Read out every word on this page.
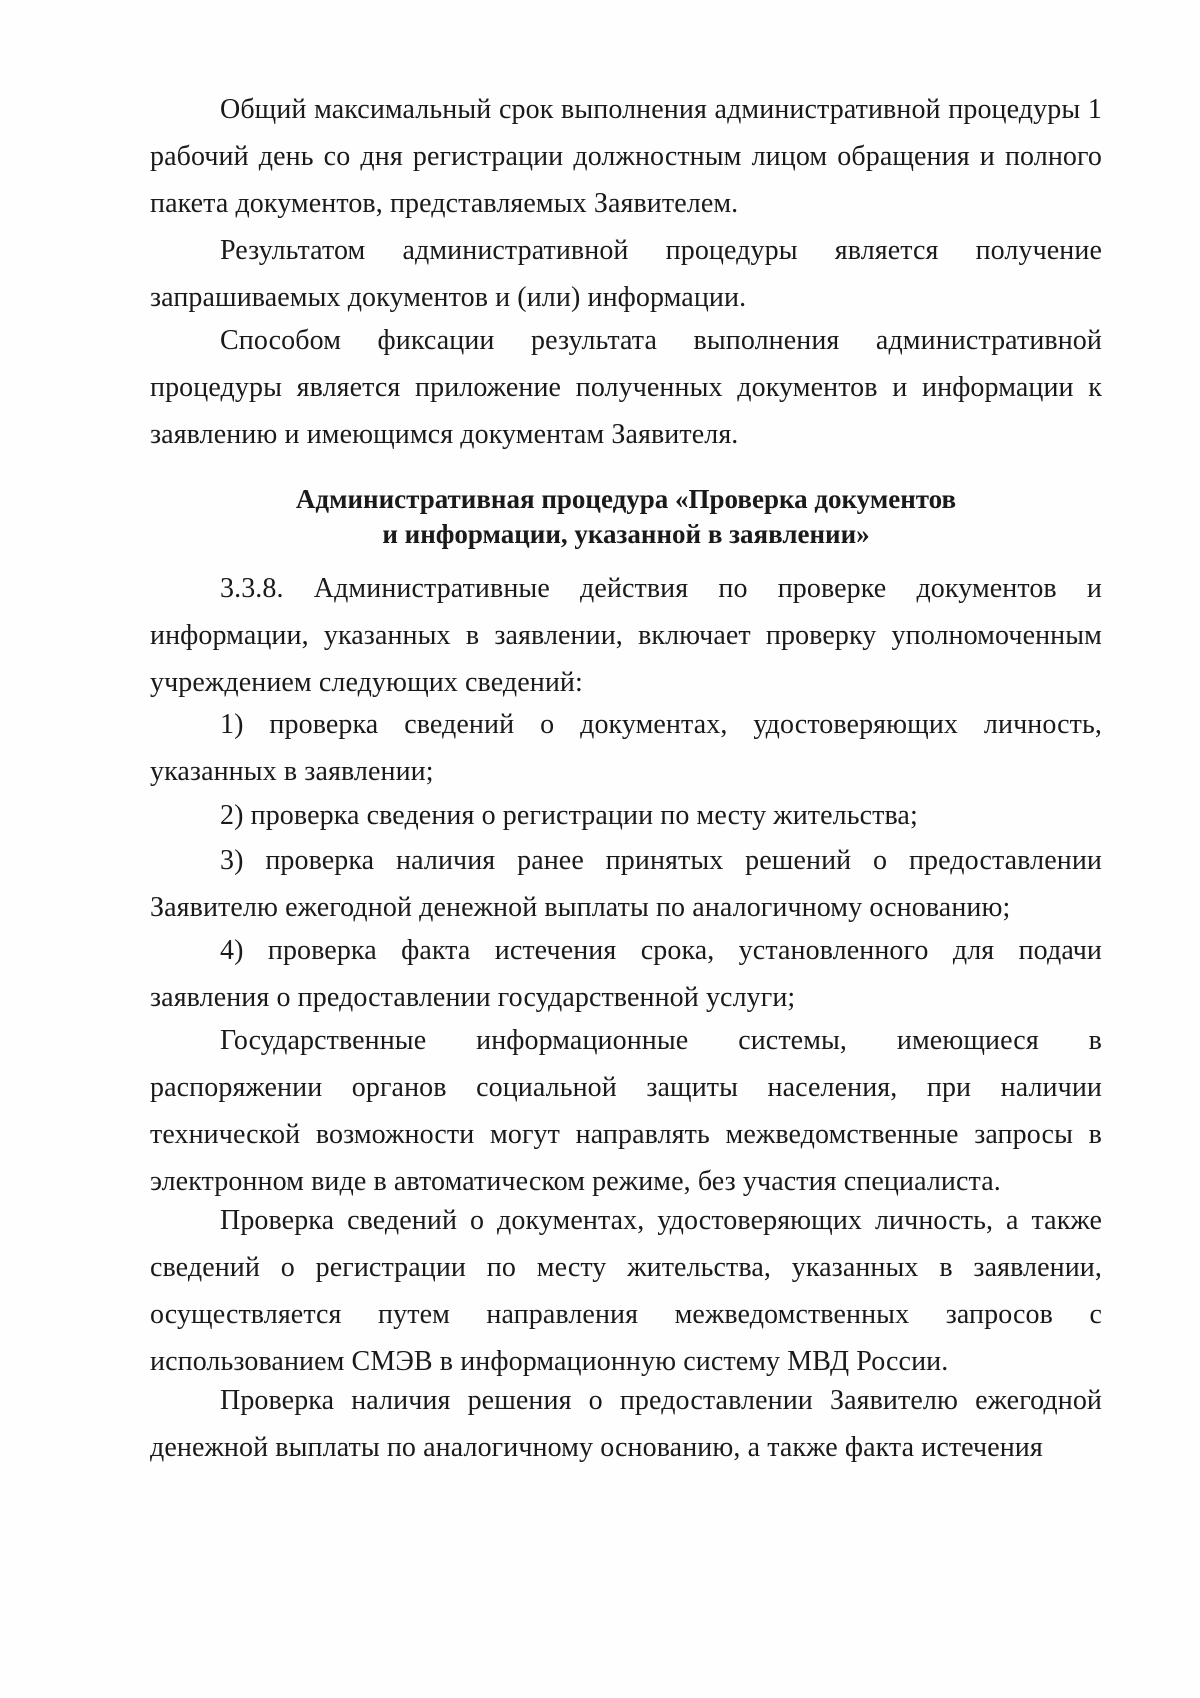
Общий максимальный срок выполнения административной процедуры 1 рабочий день со дня регистрации должностным лицом обращения и полного пакета документов, представляемых Заявителем.

Результатом административной процедуры является получение запрашиваемых документов и (или) информации.

Способом фиксации результата выполнения административной процедуры является приложение полученных документов и информации к заявлению и имеющимся документам Заявителя.

Административная процедура «Проверка документов
и информации, указанной в заявлении»

3.3.8. Административные действия по проверке документов и информации, указанных в заявлении, включает проверку уполномоченным учреждением следующих сведений:

1) проверка сведений о документах, удостоверяющих личность, указанных в заявлении;

2) проверка сведения о регистрации по месту жительства;

3) проверка наличия ранее принятых решений о предоставлении Заявителю ежегодной денежной выплаты по аналогичному основанию;

4) проверка факта истечения срока, установленного для подачи заявления о предоставлении государственной услуги;

Государственные информационные системы, имеющиеся в распоряжении органов социальной защиты населения, при наличии технической возможности могут направлять межведомственные запросы в электронном виде в автоматическом режиме, без участия специалиста.

Проверка сведений о документах, удостоверяющих личность, а также сведений о регистрации по месту жительства, указанных в заявлении, осуществляется путем направления межведомственных запросов с использованием СМЭВ в информационную систему МВД России.

Проверка наличия решения о предоставлении Заявителю ежегодной денежной выплаты по аналогичному основанию, а также факта истечения
